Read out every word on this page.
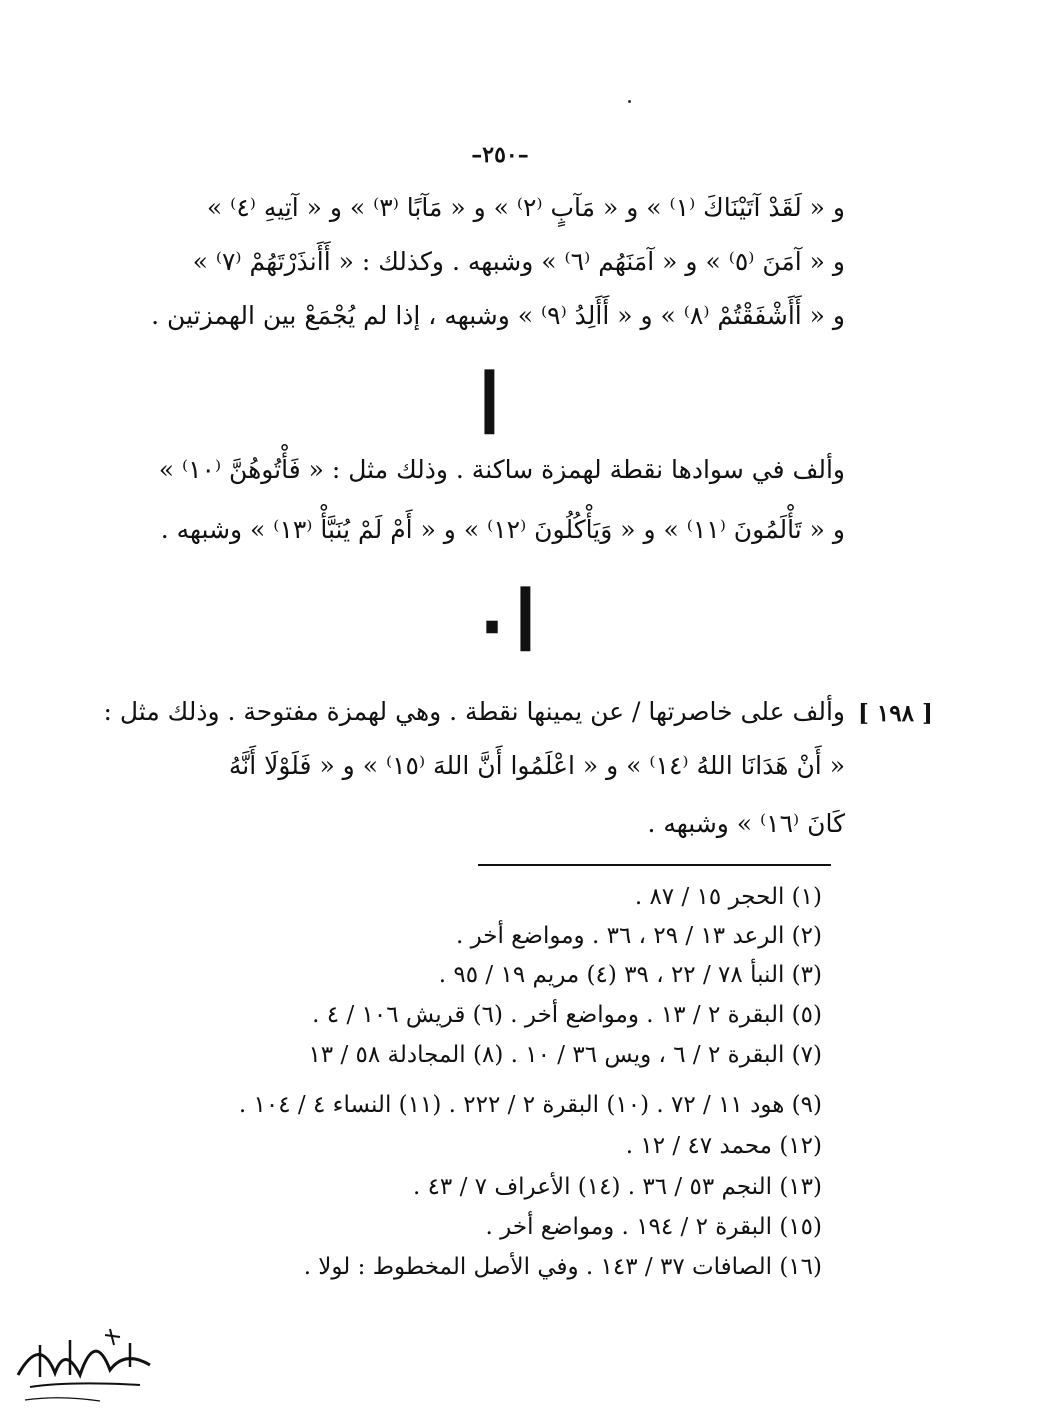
–٢٥٠–
و « لَقَدْ آتَيْنَاكَ ⁽١⁾ » و « مَآبٍ ⁽٢⁾ » و « مَآبًا ⁽٣⁾ » و « آتِيهِ ⁽٤⁾ »
و « آمَنَ ⁽٥⁾ » و « آمَنَهُم ⁽٦⁾ » وشبهه . وكذلك : « أَأَنذَرْتَهُمْ ⁽٧⁾ »
و « أَأَشْفَقْتُمْ ⁽٨⁾ » و « أَأَلِدُ ⁽٩⁾ » وشبهه ، إذا لم يُجْمَعْ بين الهمزتين .
ا
وألف في سوادها نقطة لهمزة ساكنة . وذلك مثل : « فَأْتُوهُنَّ ⁽١٠⁾ »
و « تَأْلَمُونَ ⁽١١⁾ » و « وَيَأْكُلُونَ ⁽١٢⁾ » و « أَمْ لَمْ يُنَبَّأْ ⁽١٣⁾ » وشبهه .
ا٠
[ ١٩٨ ]
وألف على خاصرتها / عن يمينها نقطة . وهي لهمزة مفتوحة . وذلك مثل :
« أَنْ هَدَانَا اللهُ ⁽١٤⁾ » و « اعْلَمُوا أَنَّ اللهَ ⁽١٥⁾ » و « فَلَوْلَا أَنَّهُ
كَانَ ⁽١٦⁾ » وشبهه .
(١) الحجر ١٥ / ٨٧ .
(٢) الرعد ١٣ / ٢٩ ، ٣٦ . ومواضع أخر .
(٣) النبأ ٧٨ / ٢٢ ، ٣٩ (٤) مريم ١٩ / ٩٥ .
(٥) البقرة ٢ / ١٣ . ومواضع أخر . (٦) قريش ١٠٦ / ٤ .
(٧) البقرة ٢ / ٦ ، ويس ٣٦ / ١٠ . (٨) المجادلة ٥٨ / ١٣
(٩) هود ١١ / ٧٢ . (١٠) البقرة ٢ / ٢٢٢ . (١١) النساء ٤ / ١٠٤ .
(١٢) محمد ٤٧ / ١٢ .
(١٣) النجم ٥٣ / ٣٦ . (١٤) الأعراف ٧ / ٤٣ .
(١٥) البقرة ٢ / ١٩٤ . ومواضع أخر .
(١٦) الصافات ٣٧ / ١٤٣ . وفي الأصل المخطوط : لولا .
